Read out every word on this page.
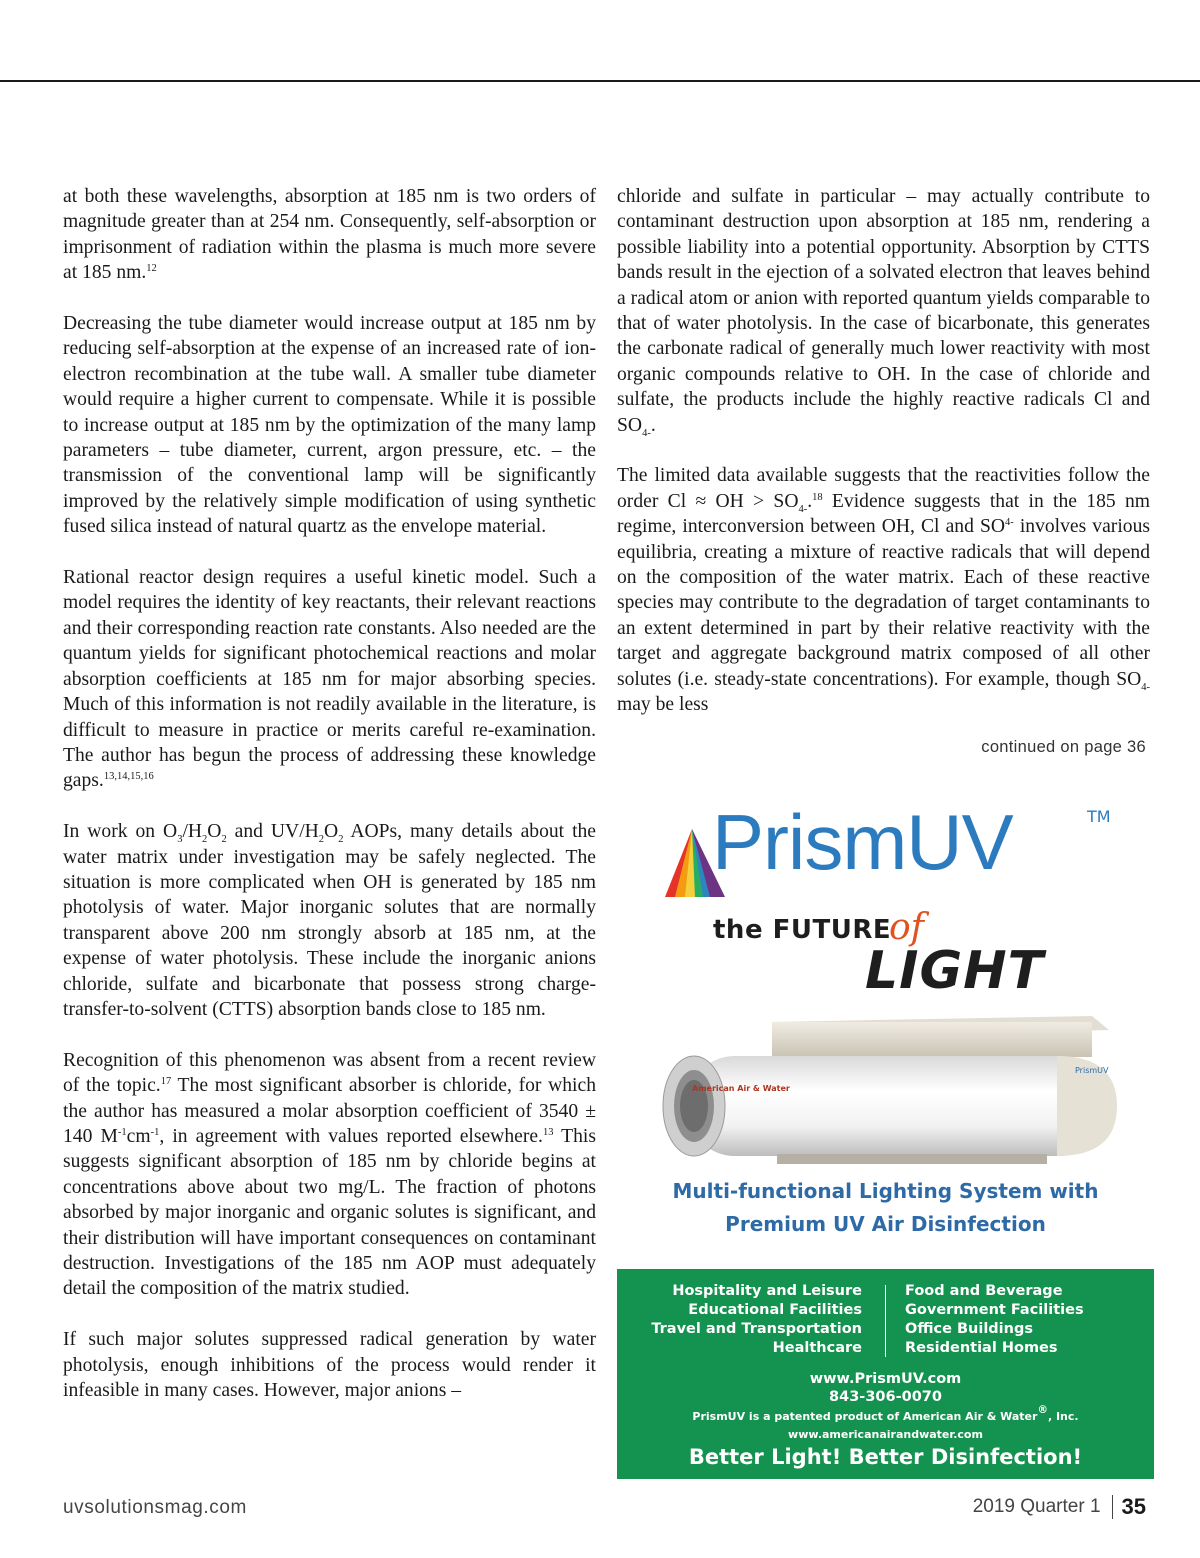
at both these wavelengths, absorption at 185 nm is two orders of magnitude greater than at 254 nm. Consequently, self-absorption or imprisonment of radiation within the plasma is much more severe at 185 nm.$^{12}$

Decreasing the tube diameter would increase output at 185 nm by reducing self-absorption at the expense of an increased rate of ion-electron recombination at the tube wall. A smaller tube diameter would require a higher current to compensate. While it is possible to increase output at 185 nm by the optimization of the many lamp parameters – tube diameter, current, argon pressure, etc. – the transmission of the conventional lamp will be significantly improved by the relatively simple modification of using synthetic fused silica instead of natural quartz as the envelope material.

Rational reactor design requires a useful kinetic model. Such a model requires the identity of key reactants, their relevant reactions and their corresponding reaction rate constants. Also needed are the quantum yields for significant photochemical reactions and molar absorption coefficients at 185 nm for major absorbing species. Much of this information is not readily available in the literature, is difficult to measure in practice or merits careful re-examination. The author has begun the process of addressing these knowledge gaps.$^{13,14,15,16}$

In work on $O_3/H_2O_2$ and $UV/H_2O_2$ AOPs, many details about the water matrix under investigation may be safely neglected. The situation is more complicated when OH is generated by 185 nm photolysis of water. Major inorganic solutes that are normally transparent above 200 nm strongly absorb at 185 nm, at the expense of water photolysis. These include the inorganic anions chloride, sulfate and bicarbonate that possess strong charge-transfer-to-solvent (CTTS) absorption bands close to 185 nm.

Recognition of this phenomenon was absent from a recent review of the topic.$^{17}$ The most significant absorber is chloride, for which the author has measured a molar absorption coefficient of 3540 ± 140 $M^{-1}cm^{-1}$, in agreement with values reported elsewhere.$^{13}$ This suggests significant absorption of 185 nm by chloride begins at concentrations above about two mg/L. The fraction of photons absorbed by major inorganic and organic solutes is significant, and their distribution will have important consequences on contaminant destruction. Investigations of the 185 nm AOP must adequately detail the composition of the matrix studied.

If such major solutes suppressed radical generation by water photolysis, enough inhibitions of the process would render it infeasible in many cases. However, major anions –

chloride and sulfate in particular – may actually contribute to contaminant destruction upon absorption at 185 nm, rendering a possible liability into a potential opportunity. Absorption by CTTS bands result in the ejection of a solvated electron that leaves behind a radical atom or anion with reported quantum yields comparable to that of water photolysis. In the case of bicarbonate, this generates the carbonate radical of generally much lower reactivity with most organic compounds relative to OH. In the case of chloride and sulfate, the products include the highly reactive radicals Cl and $SO_{4-}$.

The limited data available suggests that the reactivities follow the order Cl ≈ OH > $SO_{4-}.^{18}$ Evidence suggests that in the 185 nm regime, interconversion between OH, Cl and $SO^{4-}$ involves various equilibria, creating a mixture of reactive radicals that will depend on the composition of the water matrix. Each of these reactive species may contribute to the degradation of target contaminants to an extent determined in part by their relative reactivity with the target and aggregate background matrix composed of all other solutes (i.e. steady-state concentrations). For example, though $SO_{4-}$ may be less

continued on page 36
PrismUV	TM
the FUTURE
of
LIGHT
American Air & Water
PrismUV
Multi-functional Lighting System with
Premium UV Air Disinfection
Hospitality and Leisure
Educational Facilities
Travel and Transportation
Healthcare
Food and Beverage
Government Facilities
Office Buildings
Residential Homes
www.PrismUV.com
843-306-0070
PrismUV is a patented product of American Air & Water®, Inc.
www.americanairandwater.com
Better Light! Better Disinfection!
uvsolutionsmag.com	2019 Quarter 1 35
